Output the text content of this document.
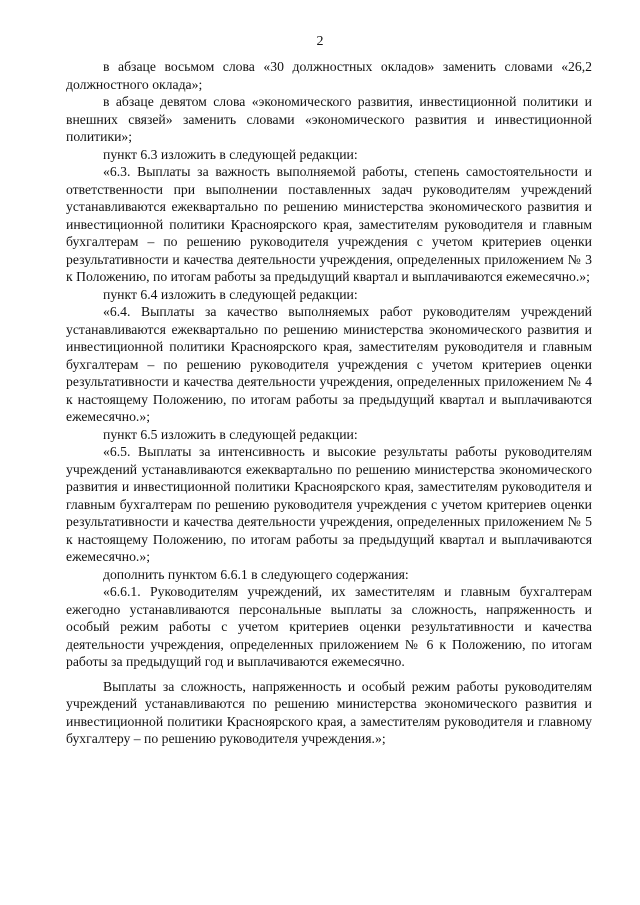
2

в абзаце восьмом слова «30 должностных окладов» заменить словами «26,2 должностного оклада»;

в абзаце девятом слова «экономического развития, инвестиционной политики и внешних связей» заменить словами «экономического развития и инвестиционной политики»;

пункт 6.3 изложить в следующей редакции:

«6.3. Выплаты за важность выполняемой работы, степень самостоятельности и ответственности при выполнении поставленных задач руководителям учреждений устанавливаются ежеквартально по решению министерства экономического развития и инвестиционной политики Красноярского края, заместителям руководителя и главным бухгалтерам – по решению руководителя учреждения с учетом критериев оценки результативности и качества деятельности учреждения, определенных приложением № 3 к Положению, по итогам работы за предыдущий квартал и выплачиваются ежемесячно.»;

пункт 6.4 изложить в следующей редакции:

«6.4. Выплаты за качество выполняемых работ руководителям учреждений устанавливаются ежеквартально по решению министерства экономического развития и инвестиционной политики Красноярского края, заместителям руководителя и главным бухгалтерам – по решению руководителя учреждения с учетом критериев оценки результативности и качества деятельности учреждения, определенных приложением № 4 к настоящему Положению, по итогам работы за предыдущий квартал и выплачиваются ежемесячно.»;

пункт 6.5 изложить в следующей редакции:

«6.5. Выплаты за интенсивность и высокие результаты работы руководителям учреждений устанавливаются ежеквартально по решению министерства экономического развития и инвестиционной политики Красноярского края, заместителям руководителя и главным бухгалтерам по решению руководителя учреждения с учетом критериев оценки результативности и качества деятельности учреждения, определенных приложением № 5 к настоящему Положению, по итогам работы за предыдущий квартал и выплачиваются ежемесячно.»;

дополнить пунктом 6.6.1 в следующего содержания:

«6.6.1. Руководителям учреждений, их заместителям и главным бухгалтерам ежегодно устанавливаются персональные выплаты за сложность, напряженность и особый режим работы с учетом критериев оценки результативности и качества деятельности учреждения, определенных приложением № 6 к Положению, по итогам работы за предыдущий год и выплачиваются ежемесячно.

Выплаты за сложность, напряженность и особый режим работы руководителям учреждений устанавливаются по решению министерства экономического развития и инвестиционной политики Красноярского края, а заместителям руководителя и главному бухгалтеру – по решению руководителя учреждения.»;
